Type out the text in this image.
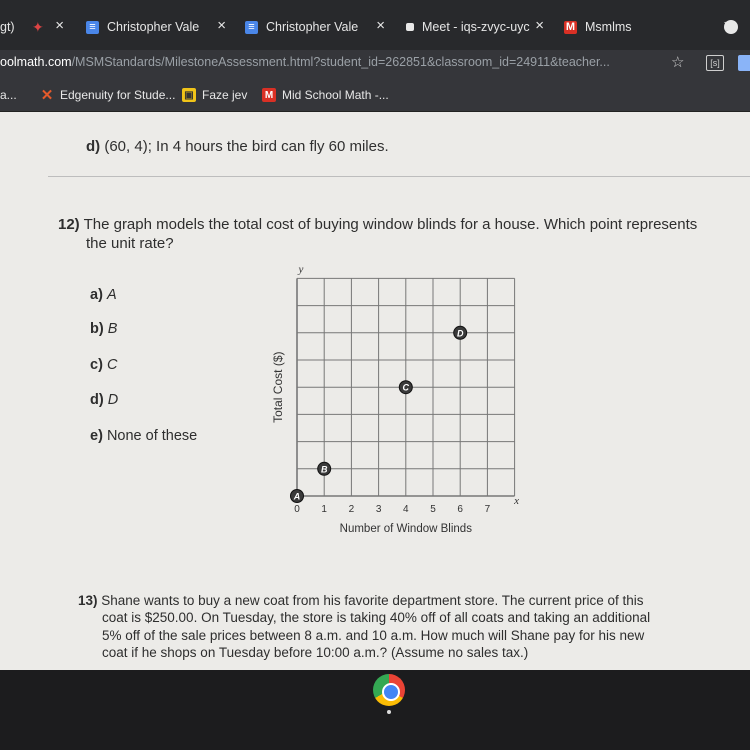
gt) ✦ × ≡ Christopher Vale × ≡ Christopher Vale ×	Meet - iqs-zvyc-uyc × M Msmlms
oolmath.com/MSMStandards/MilestoneAssessment.html?student_id=262851&classroom_id=24911&teacher...	☆	[s]
a... ✕ Edgenuity for Stude... ▣ Faze jev M Mid School Math -...
d) (60, 4); In 4 hours the bird can fly 60 miles.
12) The graph models the total cost of buying window blinds for a house. Which point represents
the unit rate?
a) A
b) B
c) C
d) D
e) None of these
0 1 2 3 4 5 6 7
A
B
C
D
Total Cost ($)
Number of Window Blinds
y
x
13) Shane wants to buy a new coat from his favorite department store. The current price of this
coat is $250.00. On Tuesday, the store is taking 40% off of all coats and taking an additional
5% off of the sale prices between 8 a.m. and 10 a.m. How much will Shane pay for his new
coat if he shops on Tuesday before 10:00 a.m.? (Assume no sales tax.)
